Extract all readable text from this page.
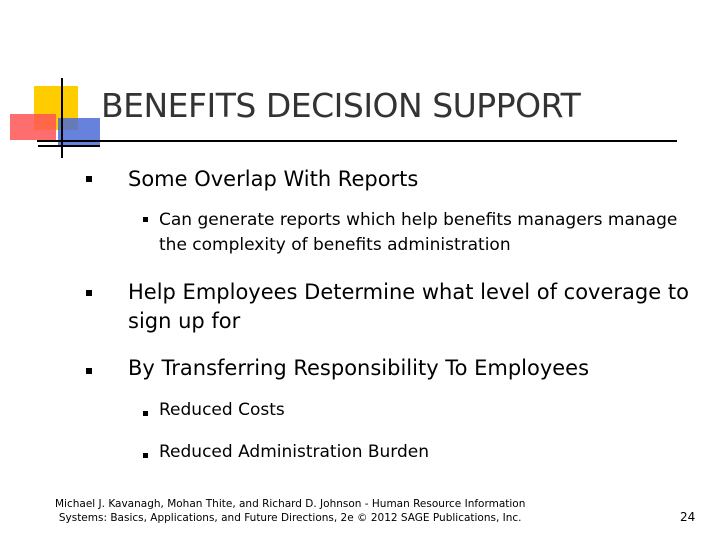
BENEFITS DECISION SUPPORT
Some Overlap With Reports
Can generate reports which help benefits managers manage
the complexity of benefits administration
Help Employees Determine what level of coverage to
sign up for
By Transferring Responsibility To Employees
Reduced Costs
Reduced Administration Burden
Michael J. Kavanagh, Mohan Thite, and Richard D. Johnson - Human Resource Information
Systems: Basics, Applications, and Future Directions, 2e © 2012 SAGE Publications, Inc.	24
